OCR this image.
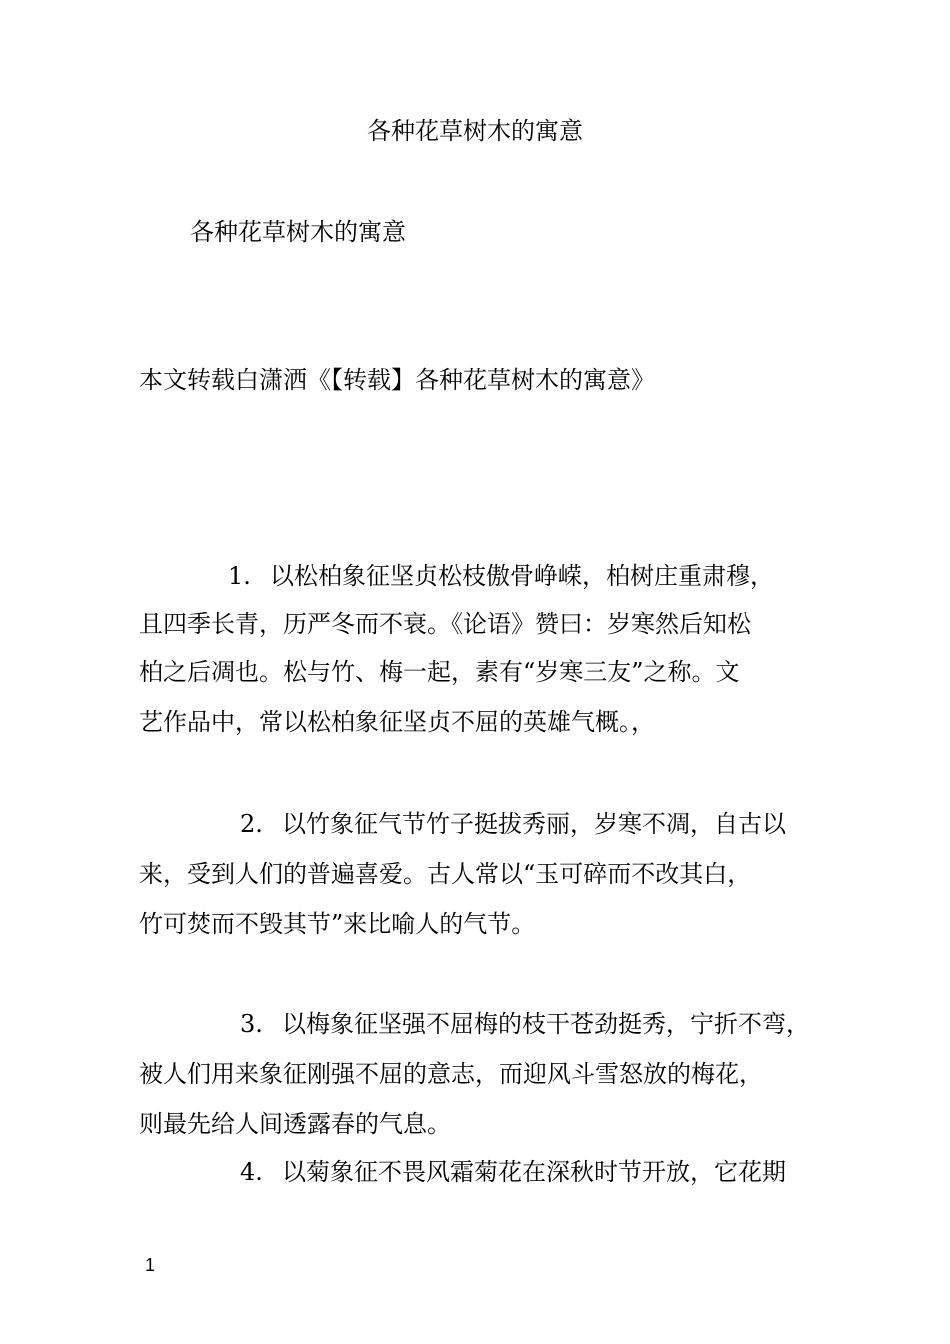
各种花草树木的寓意
各种花草树木的寓意
本文转载白潇洒《【转载】各种花草树木的寓意》
1. 以松柏象征坚贞松枝傲骨峥嵘，柏树庄重肃穆，
且四季长青，历严冬而不衰。《论语》赞曰：岁寒然后知松
柏之后凋也。松与竹、梅一起，素有“岁寒三友”之称。文
艺作品中，常以松柏象征坚贞不屈的英雄气概。，
2. 以竹象征气节竹子挺拔秀丽，岁寒不凋，自古以
来，受到人们的普遍喜爱。古人常以“玉可碎而不改其白，
竹可焚而不毁其节”来比喻人的气节。
3. 以梅象征坚强不屈梅的枝干苍劲挺秀，宁折不弯，
被人们用来象征刚强不屈的意志，而迎风斗雪怒放的梅花，
则最先给人间透露春的气息。
4. 以菊象征不畏风霜菊花在深秋时节开放，它花期
1
